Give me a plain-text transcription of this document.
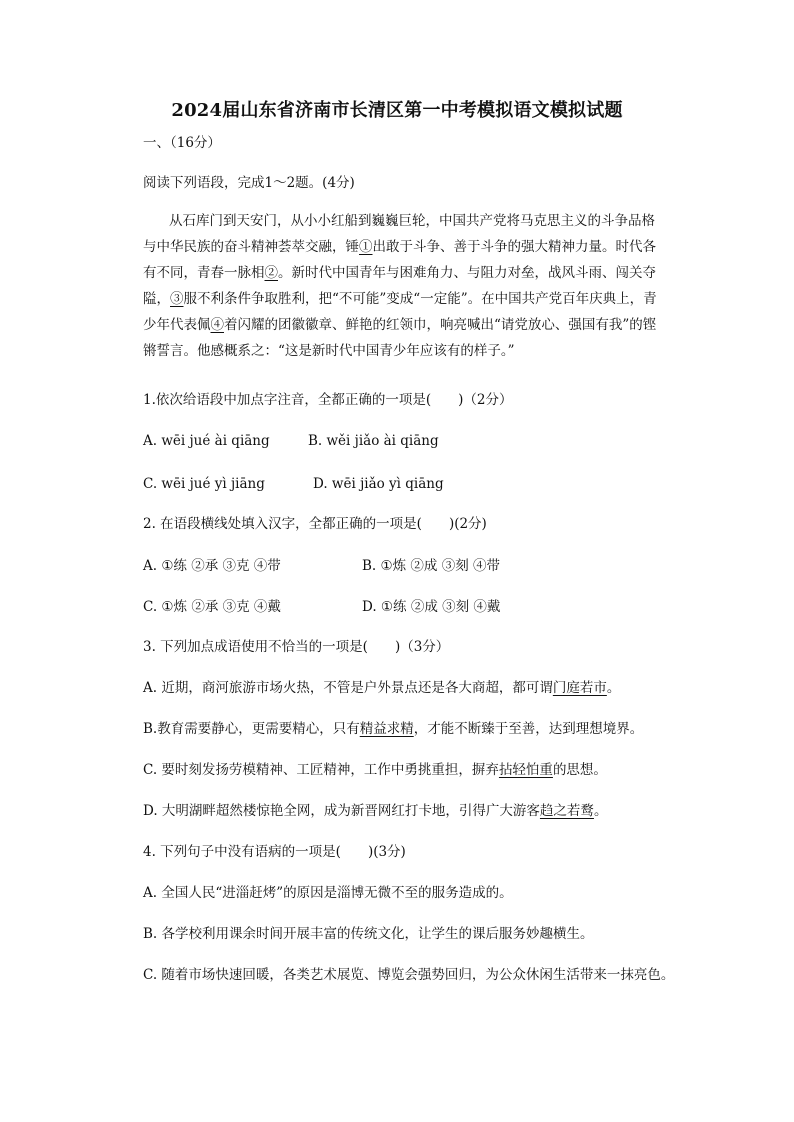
2024届山东省济南市长清区第一中考模拟语文模拟试题
一、（16分）
阅读下列语段，完成1～2题。(4分)
从石库门到天安门，从小小红船到巍巍巨轮，中国共产党将马克思主义的斗争品格与中华民族的奋斗精神荟萃交融，锤①出敢于斗争、善于斗争的强大精神力量。时代各有不同，青春一脉相②。新时代中国青年与困难角力、与阻力对垒，战风斗雨、闯关夺隘，③服不利条件争取胜利，把“不可能”变成“一定能”。在中国共产党百年庆典上，青少年代表佩④着闪耀的团徽徽章、鲜艳的红领巾，响亮喊出“请党放心、强国有我”的铿锵誓言。他感概系之：“这是新时代中国青少年应该有的样子。”
1.依次给语段中加点字注音，全都正确的一项是(　　)（2分）
A. wēi jué ài qiāng	B. wěi jiǎo ài qiāng
C. wēi jué yì jiāng	D. wēi jiǎo yì qiāng
2. 在语段横线处填入汉字，全都正确的一项是(　　)(2分)
A. ①练 ②承 ③克 ④带	B. ①炼 ②成 ③刻 ④带
C. ①炼 ②承 ③克 ④戴	D. ①练 ②成 ③刻 ④戴
3. 下列加点成语使用不恰当的一项是(　　)（3分）
A. 近期，商河旅游市场火热，不管是户外景点还是各大商超，都可谓门庭若市。
B.教育需要静心，更需要精心，只有精益求精，才能不断臻于至善，达到理想境界。
C. 要时刻发扬劳模精神、工匠精神，工作中勇挑重担，摒弃拈轻怕重的思想。
D. 大明湖畔超然楼惊艳全网，成为新晋网红打卡地，引得广大游客趋之若鹜。
4. 下列句子中没有语病的一项是(　　)(3分)
A. 全国人民“进淄赶烤”的原因是淄博无微不至的服务造成的。
B. 各学校利用课余时间开展丰富的传统文化，让学生的课后服务妙趣横生。
C. 随着市场快速回暖，各类艺术展览、博览会强势回归，为公众休闲生活带来一抹亮色。
